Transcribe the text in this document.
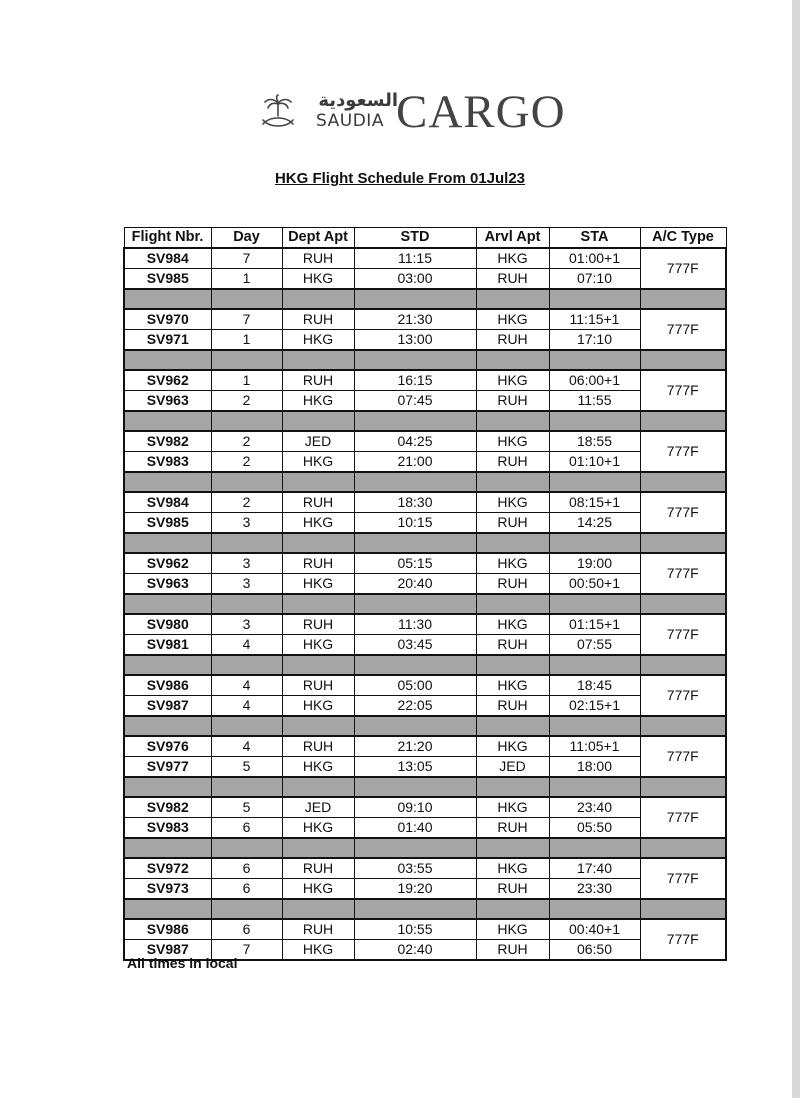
السعودية
SAUDIA CARGO
HKG Flight Schedule From 01Jul23
Flight Nbr.	Day	Dept Apt	STD	Arvl Apt	STA	A/C Type
SV984	7	RUH	11:15	HKG	01:00+1	777F
SV985	1	HKG	03:00	RUH	07:10	

SV970	7	RUH	21:30	HKG	11:15+1	777F
SV971	1	HKG	13:00	RUH	17:10	

SV962	1	RUH	16:15	HKG	06:00+1	777F
SV963	2	HKG	07:45	RUH	11:55	

SV982	2	JED	04:25	HKG	18:55	777F
SV983	2	HKG	21:00	RUH	01:10+1	

SV984	2	RUH	18:30	HKG	08:15+1	777F
SV985	3	HKG	10:15	RUH	14:25	

SV962	3	RUH	05:15	HKG	19:00	777F
SV963	3	HKG	20:40	RUH	00:50+1	

SV980	3	RUH	11:30	HKG	01:15+1	777F
SV981	4	HKG	03:45	RUH	07:55	

SV986	4	RUH	05:00	HKG	18:45	777F
SV987	4	HKG	22:05	RUH	02:15+1	

SV976	4	RUH	21:20	HKG	11:05+1	777F
SV977	5	HKG	13:05	JED	18:00	

SV982	5	JED	09:10	HKG	23:40	777F
SV983	6	HKG	01:40	RUH	05:50	

SV972	6	RUH	03:55	HKG	17:40	777F
SV973	6	HKG	19:20	RUH	23:30	

SV986	6	RUH	10:55	HKG	00:40+1	777F
SV987	7	HKG	02:40	RUH	06:50	
All times in local
